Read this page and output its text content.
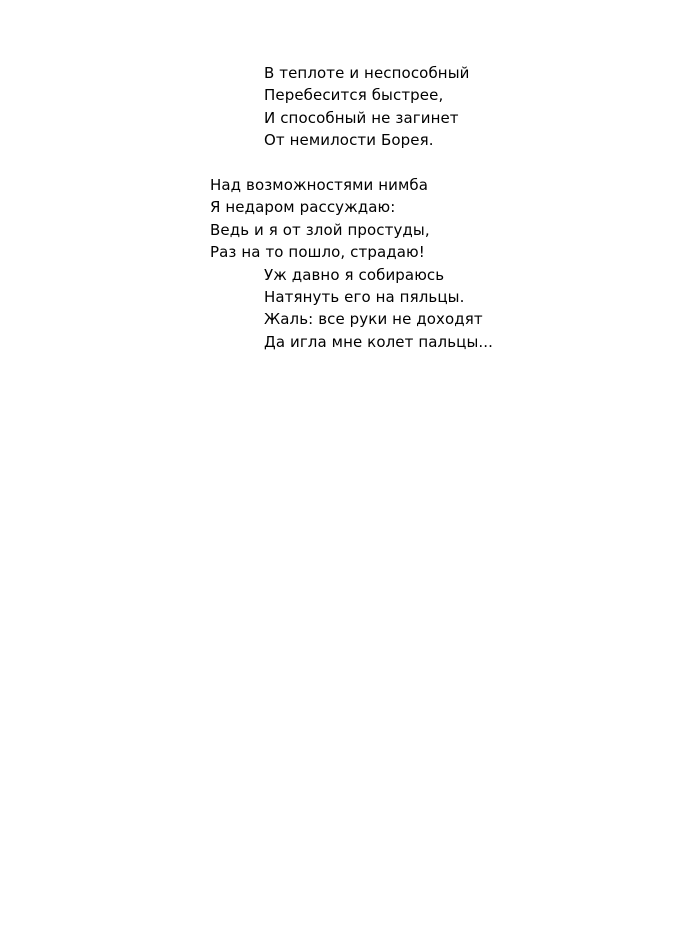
В теплоте и неспособный
Перебесится быстрее,
И способный не загинет
От немилости Борея.
Над возможностями нимба
Я недаром рассуждаю:
Ведь и я от злой простуды,
Раз на то пошло, страдаю!
Уж давно я собираюсь
Натянуть его на пяльцы.
Жаль: все руки не доходят
Да игла мне колет пальцы...
